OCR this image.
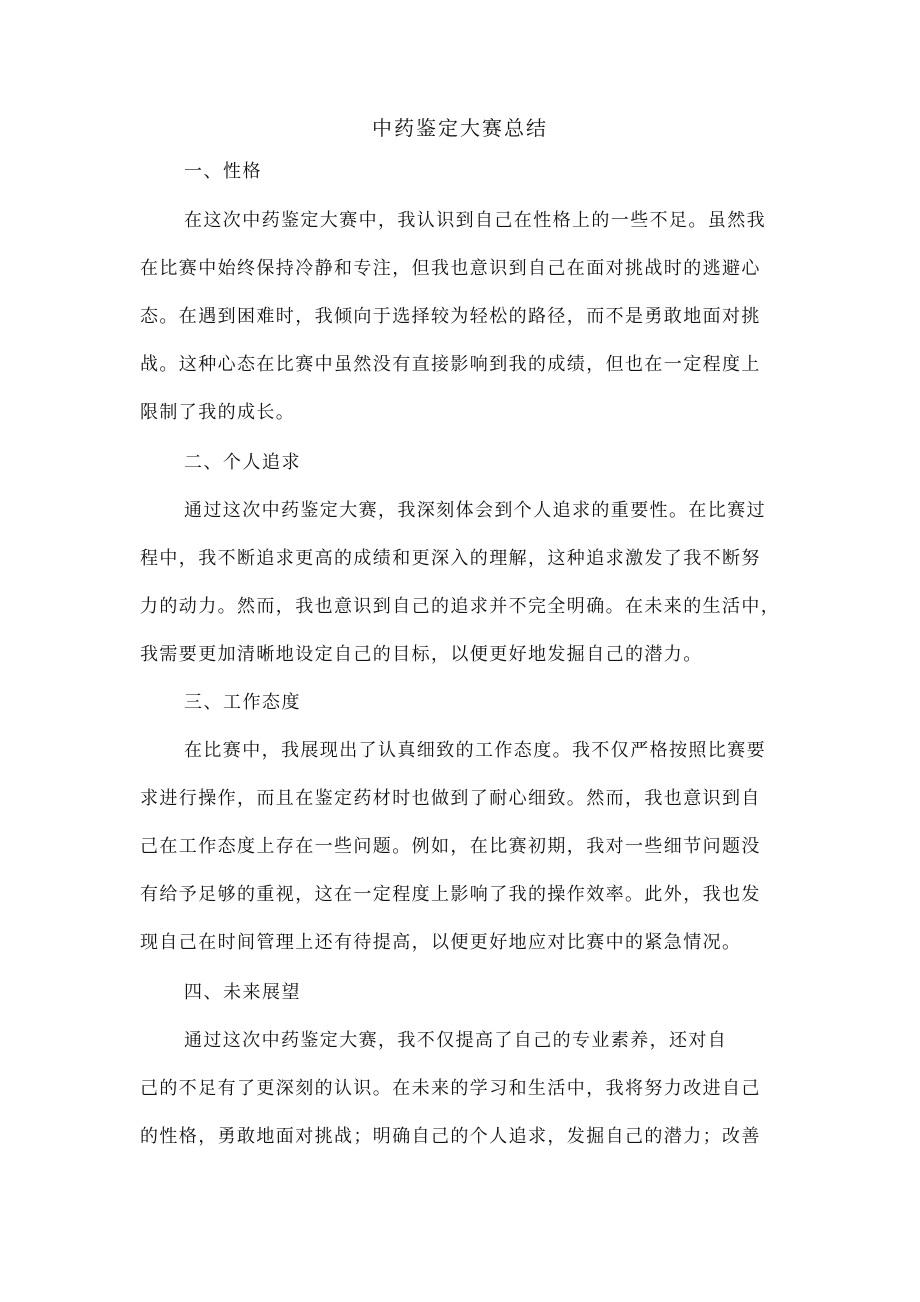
中药鉴定大赛总结
一、性格

在这次中药鉴定大赛中，我认识到自己在性格上的一些不足。虽然我

在比赛中始终保持冷静和专注，但我也意识到自己在面对挑战时的逃避心

态。在遇到困难时，我倾向于选择较为轻松的路径，而不是勇敢地面对挑

战。这种心态在比赛中虽然没有直接影响到我的成绩，但也在一定程度上

限制了我的成长。

二、个人追求

通过这次中药鉴定大赛，我深刻体会到个人追求的重要性。在比赛过

程中，我不断追求更高的成绩和更深入的理解，这种追求激发了我不断努

力的动力。然而，我也意识到自己的追求并不完全明确。在未来的生活中，

我需要更加清晰地设定自己的目标，以便更好地发掘自己的潜力。

三、工作态度

在比赛中，我展现出了认真细致的工作态度。我不仅严格按照比赛要

求进行操作，而且在鉴定药材时也做到了耐心细致。然而，我也意识到自

己在工作态度上存在一些问题。例如，在比赛初期，我对一些细节问题没

有给予足够的重视，这在一定程度上影响了我的操作效率。此外，我也发

现自己在时间管理上还有待提高，以便更好地应对比赛中的紧急情况。

四、未来展望

通过这次中药鉴定大赛，我不仅提高了自己的专业素养，还对自

己的不足有了更深刻的认识。在未来的学习和生活中，我将努力改进自己

的性格，勇敢地面对挑战；明确自己的个人追求，发掘自己的潜力；改善
